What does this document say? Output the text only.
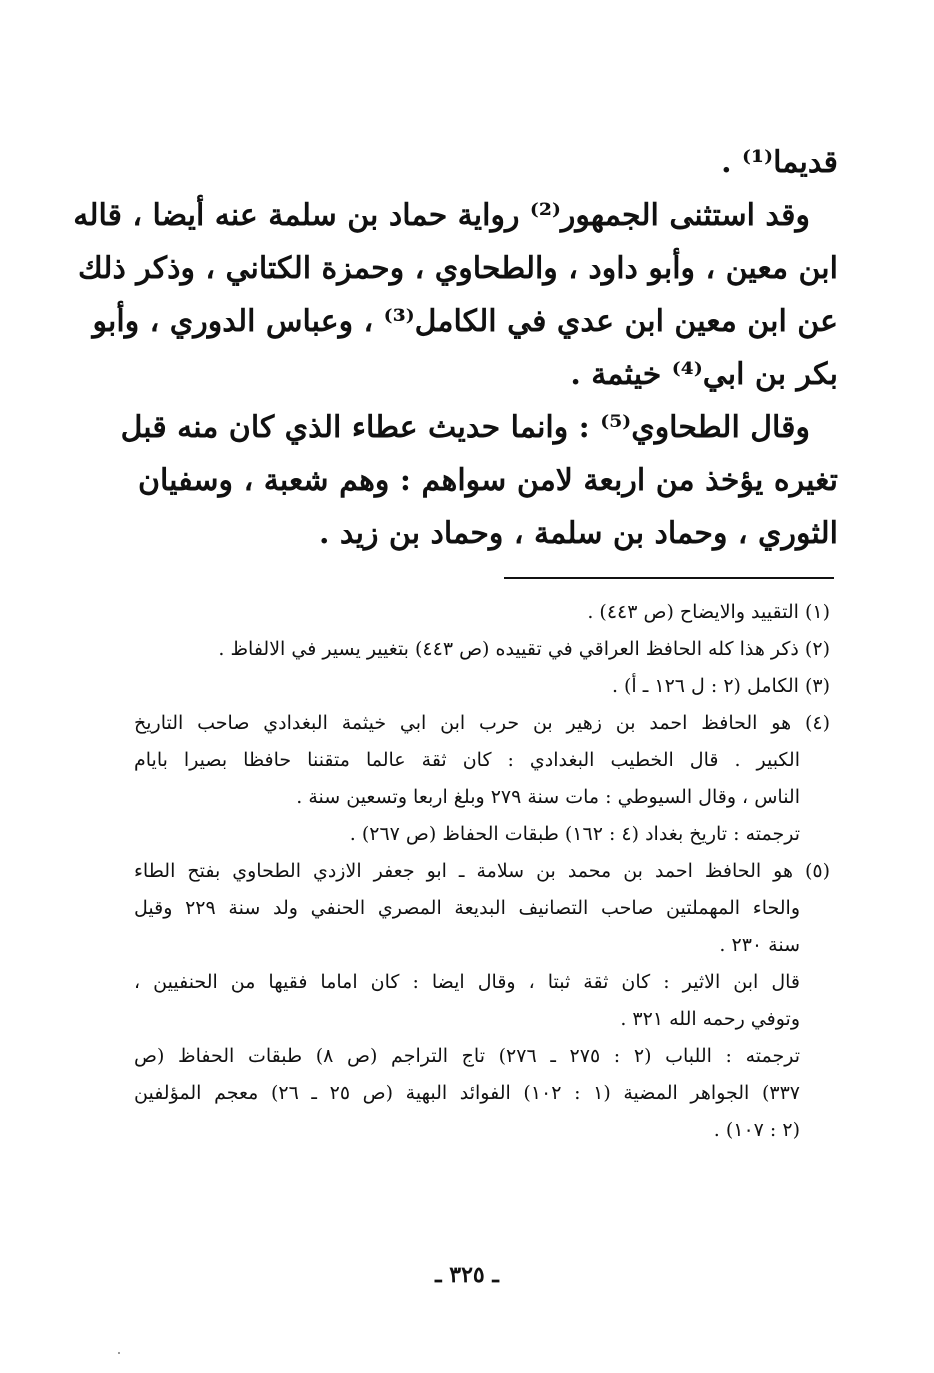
قديما⁽¹⁾ .
وقد استثنى الجمهور⁽²⁾ رواية حماد بن سلمة عنه أيضا ، قاله
ابن معين ، وأبو داود ، والطحاوي ، وحمزة الكتاني ، وذكر ذلك
عن ابن معين ابن عدي في الكامل⁽³⁾ ، وعباس الدوري ، وأبو
بكر بن ابي⁽⁴⁾ خيثمة .
وقال الطحاوي⁽⁵⁾ : وانما حديث عطاء الذي كان منه قبل
تغيره يؤخذ من اربعة لامن سواهم : وهم شعبة ، وسفيان
الثوري ، وحماد بن سلمة ، وحماد بن زيد .
(١) التقييد والايضاح (ص ٤٤٣) .
(٢) ذكر هذا كله الحافظ العراقي في تقييده (ص ٤٤٣) بتغيير يسير في الالفاظ .
(٣) الكامل (٢ : ل ١٢٦ ـ أ) .
(٤) هو الحافظ احمد بن زهير بن حرب ابن ابي خيثمة البغدادي صاحب التاريخ
الكبير . قال الخطيب البغدادي : كان ثقة عالما متقننا حافظا بصيرا بايام
الناس ، وقال السيوطي : مات سنة ٢٧٩ وبلغ اربعا وتسعين سنة .
ترجمته : تاريخ بغداد (٤ : ١٦٢) طبقات الحفاظ (ص ٢٦٧) .
(٥) هو الحافظ احمد بن محمد بن سلامة ـ ابو جعفر الازدي الطحاوي بفتح الطاء
والحاء المهملتين صاحب التصانيف البديعة المصري الحنفي ولد سنة ٢٢٩ وقيل
سنة ٢٣٠ .
قال ابن الاثير : كان ثقة ثبتا ، وقال ايضا : كان اماما فقيها من الحنفيين ،
وتوفي رحمه الله ٣٢١ .
ترجمته : اللباب (٢ : ٢٧٥ ـ ٢٧٦) تاج التراجم (ص ٨) طبقات الحفاظ (ص
٣٣٧) الجواهر المضية (١ : ١٠٢) الفوائد البهية (ص ٢٥ ـ ٢٦) معجم المؤلفين
(٢ : ١٠٧) .
ـ ٣٢٥ ـ
